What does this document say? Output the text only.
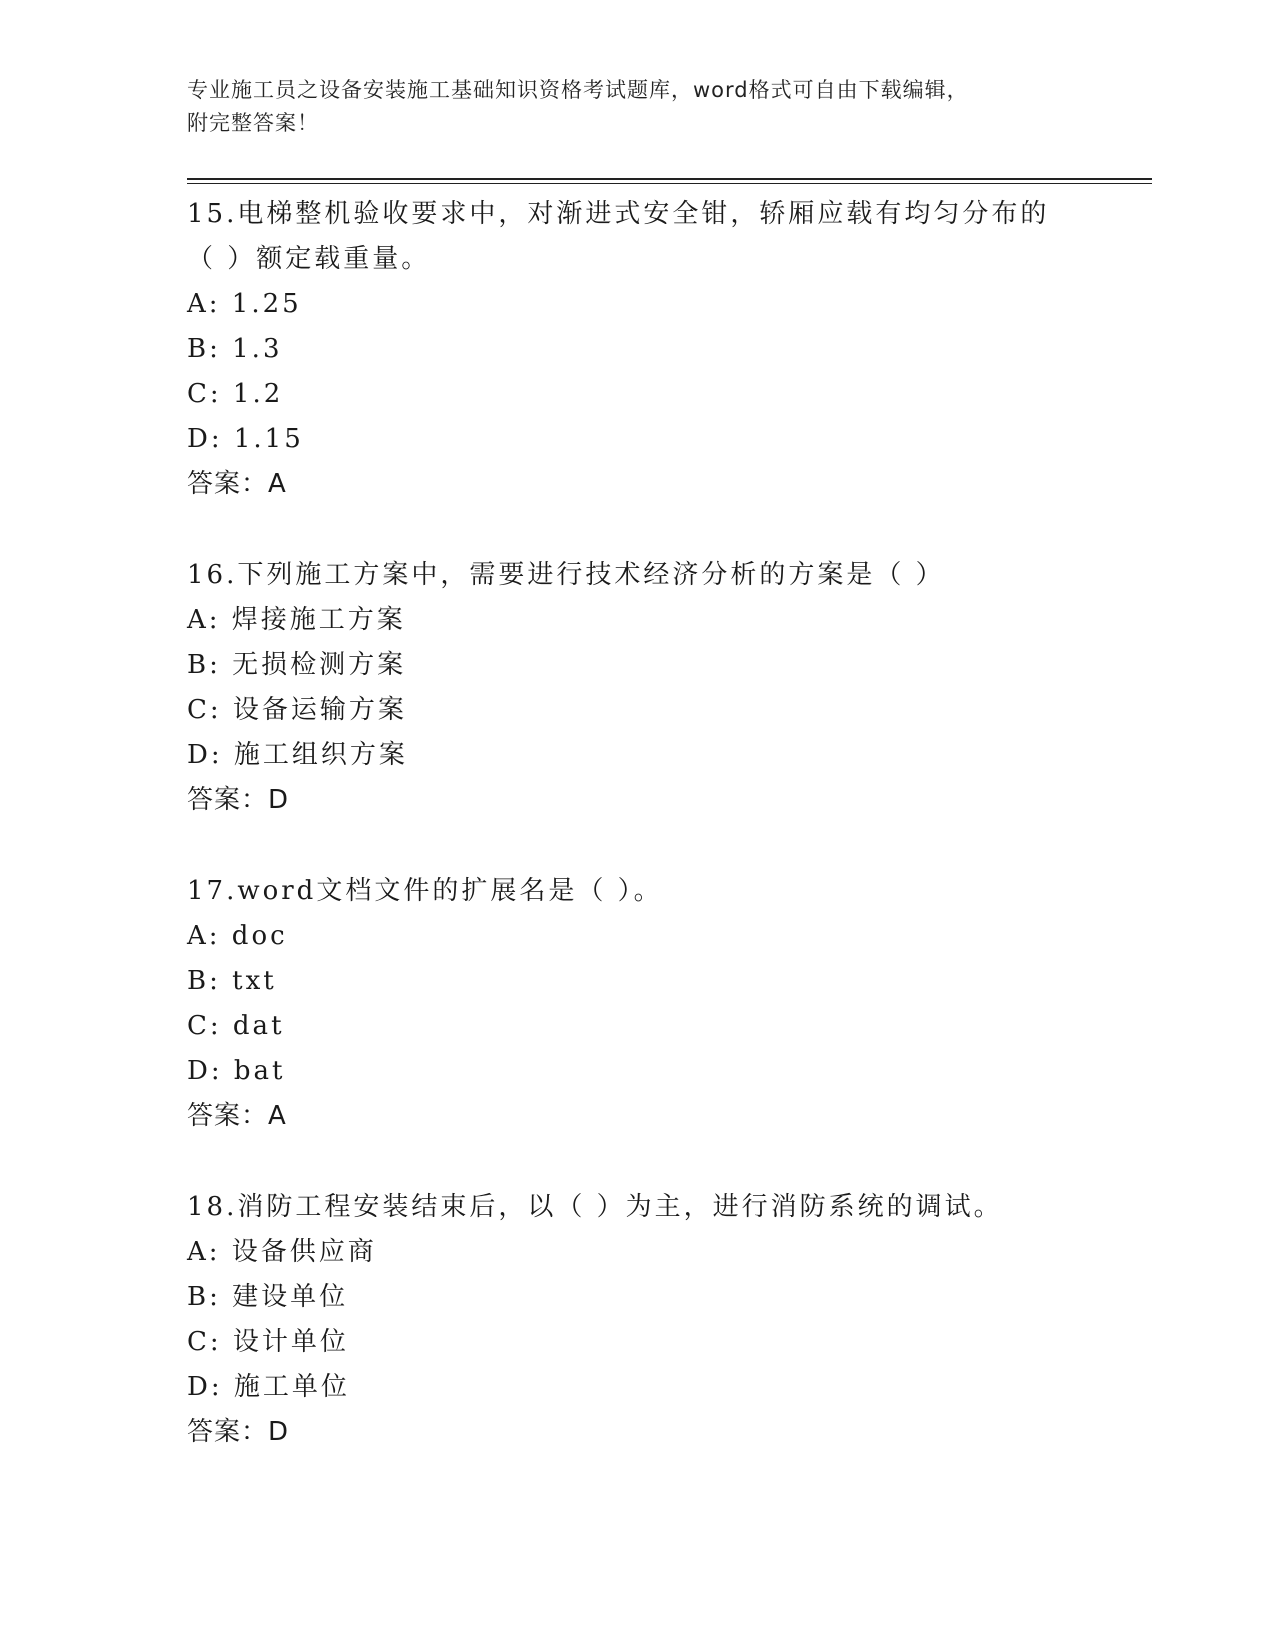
专业施工员之设备安装施工基础知识资格考试题库，word格式可自由下载编辑，
附完整答案！
15.电梯整机验收要求中，对渐进式安全钳，轿厢应载有均匀分布的（ ）额定载重量。
A: 1.25
B: 1.3
C: 1.2
D: 1.15
答案：A
16.下列施工方案中，需要进行技术经济分析的方案是（ ）
A: 焊接施工方案
B: 无损检测方案
C: 设备运输方案
D: 施工组织方案
答案：D
17.word文档文件的扩展名是（ ）。
A: doc
B: txt
C: dat
D: bat
答案：A
18.消防工程安装结束后，以（ ）为主，进行消防系统的调试。
A: 设备供应商
B: 建设单位
C: 设计单位
D: 施工单位
答案：D
